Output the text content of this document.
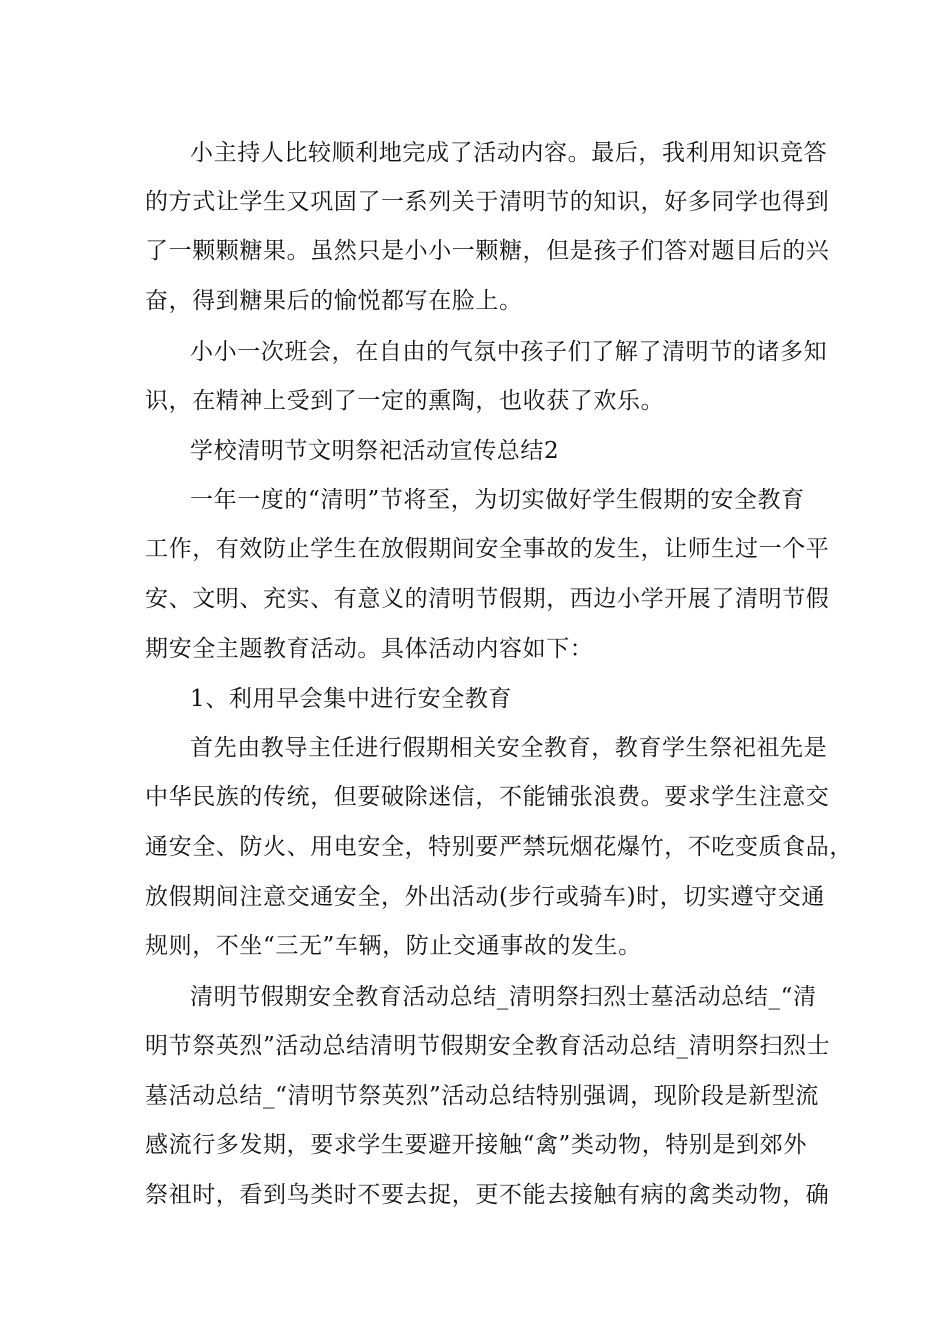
小主持人比较顺利地完成了活动内容。最后，我利用知识竞答
的方式让学生又巩固了一系列关于清明节的知识，好多同学也得到
了一颗颗糖果。虽然只是小小一颗糖，但是孩子们答对题目后的兴
奋，得到糖果后的愉悦都写在脸上。
小小一次班会，在自由的气氛中孩子们了解了清明节的诸多知
识，在精神上受到了一定的熏陶，也收获了欢乐。
学校清明节文明祭祀活动宣传总结2
一年一度的“清明”节将至，为切实做好学生假期的安全教育
工作，有效防止学生在放假期间安全事故的发生，让师生过一个平
安、文明、充实、有意义的清明节假期，西边小学开展了清明节假
期安全主题教育活动。具体活动内容如下：
1、利用早会集中进行安全教育
首先由教导主任进行假期相关安全教育，教育学生祭祀祖先是
中华民族的传统，但要破除迷信，不能铺张浪费。要求学生注意交
通安全、防火、用电安全，特别要严禁玩烟花爆竹，不吃变质食品，
放假期间注意交通安全，外出活动(步行或骑车)时，切实遵守交通
规则，不坐“三无”车辆，防止交通事故的发生。
清明节假期安全教育活动总结_清明祭扫烈士墓活动总结_“清
明节祭英烈”活动总结清明节假期安全教育活动总结_清明祭扫烈士
墓活动总结_“清明节祭英烈”活动总结特别强调，现阶段是新型流
感流行多发期，要求学生要避开接触“禽”类动物，特别是到郊外
祭祖时，看到鸟类时不要去捉，更不能去接触有病的禽类动物，确
